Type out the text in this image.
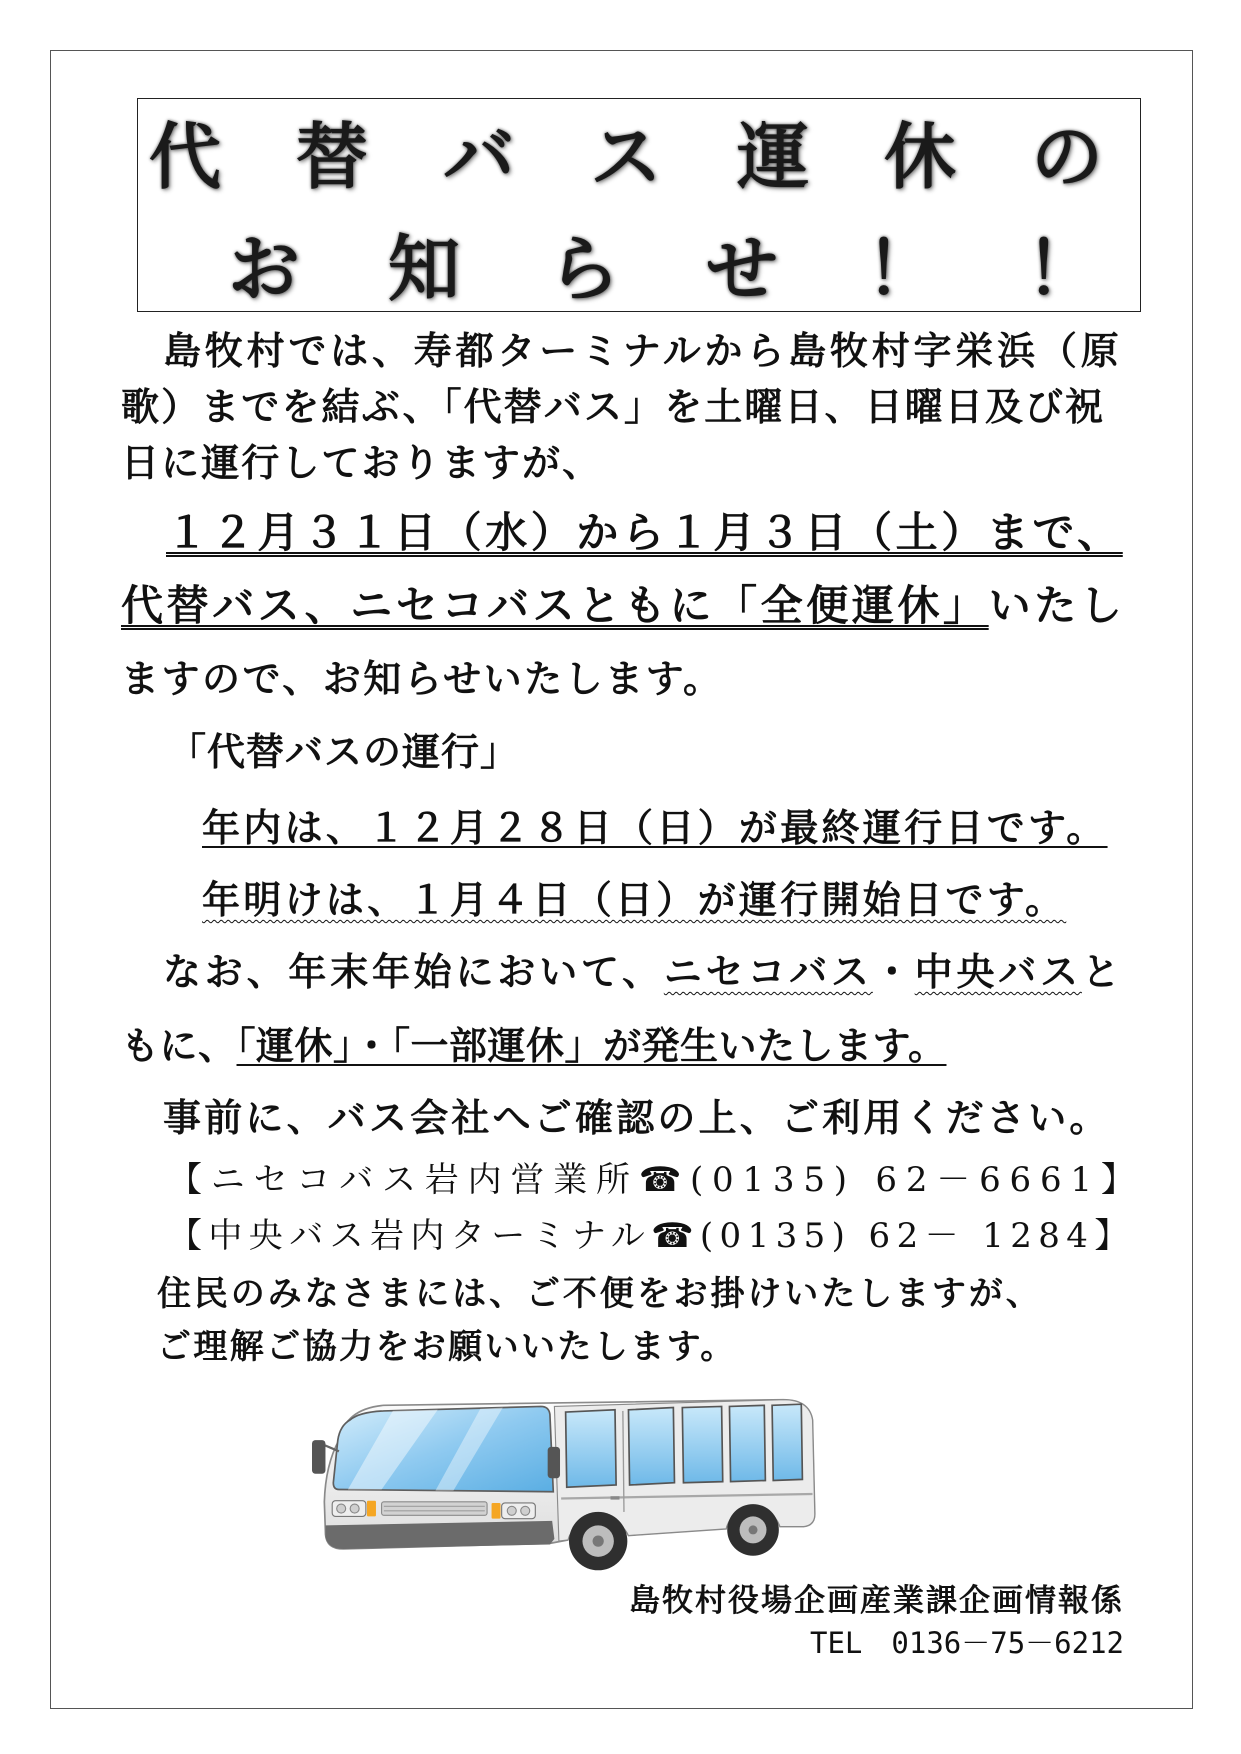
代替バス運休の
お知らせ！！
島牧村では、寿都ターミナルから島牧村字栄浜（原
歌）までを結ぶ、「代替バス」を土曜日、日曜日及び祝
日に運行しておりますが、
１２月３１日（水）から１月３日（土）まで、
代替バス、ニセコバスともに「全便運休」いたし
ますので、お知らせいたします。
「代替バスの運行」
年内は、１２月２８日（日）が最終運行日です。
年明けは、１月４日（日）が運行開始日です。
なお、年末年始において、ニセコバス・中央バスと
もに、「運休」・「一部運休」が発生いたします。
事前に、バス会社へご確認の上、ご利用ください。
【ニセコバス岩内営業所☎(0135) 62－6661】
【中央バス岩内ターミナル☎(0135) 62－ 1284】
住民のみなさまには、ご不便をお掛けいたしますが、
ご理解ご協力をお願いいたします。
島牧村役場企画産業課企画情報係
TEL　0136－75－6212
